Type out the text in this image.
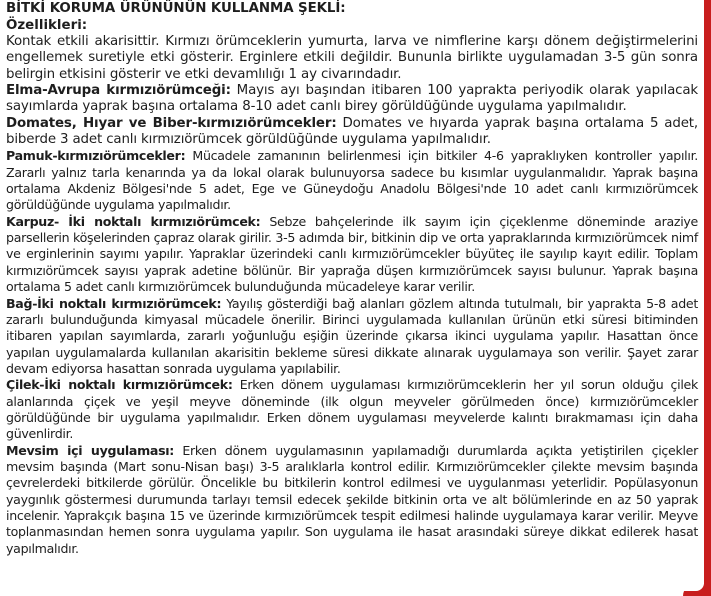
BİTKİ KORUMA ÜRÜNÜNÜN KULLANMA ŞEKLİ:
Özellikleri:

Kontak etkili akarisittir. Kırmızı örümceklerin yumurta, larva ve nimflerine karşı dönem değiştirmelerini engellemek suretiyle etki gösterir. Erginlere etkili değildir. Bununla birlikte uygulamadan 3-5 gün sonra belirgin etkisini gösterir ve etki devamlılığı 1 ay civarındadır.

Elma-Avrupa kırmızıörümceği: Mayıs ayı başından itibaren 100 yaprakta periyodik olarak yapılacak sayımlarda yaprak başına ortalama 8-10 adet canlı birey görüldüğünde uygulama yapılmalıdır.

Domates, Hıyar ve Biber-kırmızıörümcekler: Domates ve hıyarda yaprak başına ortalama 5 adet, biberde 3 adet canlı kırmızıörümcek görüldüğünde uygulama yapılmalıdır.

Pamuk-kırmızıörümcekler: Mücadele zamanının belirlenmesi için bitkiler 4-6 yapraklıyken kontroller yapılır. Zararlı yalnız tarla kenarında ya da lokal olarak bulunuyorsa sadece bu kısımlar uygulanmalıdır. Yaprak başına ortalama Akdeniz Bölgesi'nde 5 adet, Ege ve Güneydoğu Anadolu Bölgesi'nde 10 adet canlı kırmızıörümcek görüldüğünde uygulama yapılmalıdır.

Karpuz- İki noktalı kırmızıörümcek: Sebze bahçelerinde ilk sayım için çiçeklenme döneminde araziye parsellerin köşelerinden çapraz olarak girilir. 3-5 adımda bir, bitkinin dip ve orta yapraklarında kırmızıörümcek nimf ve erginlerinin sayımı yapılır. Yapraklar üzerindeki canlı kırmızıörümcekler büyüteç ile sayılıp kayıt edilir. Toplam kırmızıörümcek sayısı yaprak adetine bölünür. Bir yaprağa düşen kırmızıörümcek sayısı bulunur. Yaprak başına ortalama 5 adet canlı kırmızıörümcek bulunduğunda mücadeleye karar verilir.

Bağ-İki noktalı kırmızıörümcek: Yayılış gösterdiği bağ alanları gözlem altında tutulmalı, bir yaprakta 5-8 adet zararlı bulunduğunda kimyasal mücadele önerilir. Birinci uygulamada kullanılan ürünün etki süresi bitiminden itibaren yapılan sayımlarda, zararlı yoğunluğu eşiğin üzerinde çıkarsa ikinci uygulama yapılır. Hasattan önce yapılan uygulamalarda kullanılan akarisitin bekleme süresi dikkate alınarak uygulamaya son verilir. Şayet zarar devam ediyorsa hasattan sonrada uygulama yapılabilir.

Çilek-İki noktalı kırmızıörümcek: Erken dönem uygulaması kırmızıörümceklerin her yıl sorun olduğu çilek alanlarında çiçek ve yeşil meyve döneminde (ilk olgun meyveler görülmeden önce) kırmızıörümcekler görüldüğünde bir uygulama yapılmalıdır. Erken dönem uygulaması meyvelerde kalıntı bırakmaması için daha güvenlirdir.

Mevsim içi uygulaması: Erken dönem uygulamasının yapılamadığı durumlarda açıkta yetiştirilen çiçekler mevsim başında (Mart sonu-Nisan başı) 3-5 aralıklarla kontrol edilir. Kırmızıörümcekler çilekte mevsim başında çevrelerdeki bitkilerde görülür. Öncelikle bu bitkilerin kontrol edilmesi ve uygulanması yeterlidir. Popülasyonun yaygınlık göstermesi durumunda tarlayı temsil edecek şekilde bitkinin orta ve alt bölümlerinde en az 50 yaprak incelenir. Yaprakçık başına 15 ve üzerinde kırmızıörümcek tespit edilmesi halinde uygulamaya karar verilir. Meyve toplanmasından hemen sonra uygulama yapılır. Son uygulama ile hasat arasındaki süreye dikkat edilerek hasat yapılmalıdır.
